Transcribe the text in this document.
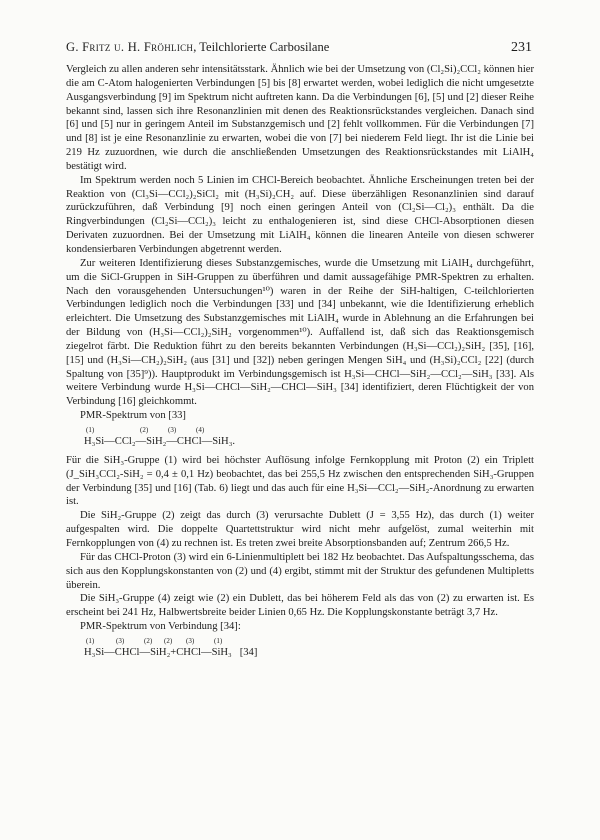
G. Fritz u. H. Fröhlich, Teilchlorierte Carbosilane	231

Vergleich zu allen anderen sehr intensitätsstark. Ähnlich wie bei der Umsetzung von (Cl₂Si)₂CCl₂ können hier die am C-Atom halogenierten Verbindungen [5] bis [8] erwartet werden, wobei lediglich die nicht umgesetzte Ausgangsverbindung [9] im Spektrum nicht auftreten kann. Da die Verbindungen [6], [5] und [2] dieser Reihe bekannt sind, lassen sich ihre Resonanzlinien mit denen des Reaktionsrückstandes vergleichen. Danach sind [6] und [5] nur in geringem Anteil im Substanzgemisch und [2] fehlt vollkommen. Für die Verbindungen [7] und [8] ist je eine Resonanzlinie zu erwarten, wobei die von [7] bei niederem Feld liegt. Ihr ist die Linie bei 219 Hz zuzuordnen, wie durch die anschließenden Umsetzungen des Reaktionsrückstandes mit LiAlH₄ bestätigt wird.

Im Spektrum werden noch 5 Linien im CHCl-Bereich beobachtet. Ähnliche Erscheinungen treten bei der Reaktion von (Cl₃Si—CCl₂)₂SiCl₂ mit (H₃Si)₂CH₂ auf. Diese überzähligen Resonanzlinien sind darauf zurückzuführen, daß Verbindung [9] noch einen geringen Anteil von (Cl₂Si—Cl₂)₃ enthält. Da die Ringverbindungen (Cl₂Si—CCl₂)₃ leicht zu enthalogenieren ist, sind diese CHCl-Absorptionen diesen Derivaten zuzuordnen. Bei der Umsetzung mit LiAlH₄ können die linearen Anteile von diesen schwerer kondensierbaren Verbindungen abgetrennt werden.

Zur weiteren Identifizierung dieses Substanzgemisches, wurde die Umsetzung mit LiAlH₄ durchgeführt, um die SiCl-Gruppen in SiH-Gruppen zu überführen und damit aussagefähige PMR-Spektren zu erhalten. Nach den vorausgehenden Untersuchungen¹⁰) waren in der Reihe der SiH-haltigen, C-teilchlorierten Verbindungen lediglich noch die Verbindungen [33] und [34] unbekannt, wie die Identifizierung erheblich erleichtert. Die Umsetzung des Substanzgemisches mit LiAlH₄ wurde in Ablehnung an die Erfahrungen bei der Bildung von (H₃Si—CCl₂)₂SiH₂ vorgenommen¹⁰). Auffallend ist, daß sich das Reaktionsgemisch ziegelrot färbt. Die Reduktion führt zu den bereits bekannten Verbindungen (H₃Si—CCl₂)₂SiH₂ [35], [16], [15] und (H₃Si—CH₂)₂SiH₂ (aus [31] und [32]) neben geringen Mengen SiH₄ und (H₃Si)₂CCl₂ [22] (durch Spaltung von [35]⁹)). Hauptprodukt im Verbindungsgemisch ist H₃Si—CHCl—SiH₂—CCl₂—SiH₃ [33]. Als weitere Verbindung wurde H₃Si—CHCl—SiH₂—CHCl—SiH₃ [34] identifiziert, deren Flüchtigkeit der von Verbindung [16] gleichkommt.

PMR-Spektrum von [33]

(1)	(2)	(3)	(4)
H₃Si—CCl₂—SiH₂—CHCl—SiH₃.

Für die SiH₃-Gruppe (1) wird bei höchster Auflösung infolge Fernkopplung mit Proton (2) ein Triplett (J_SiH₃CCl₂-SiH₂ = 0,4 ± 0,1 Hz) beobachtet, das bei 255,5 Hz zwischen den entsprechenden SiH₃-Gruppen der Verbindung [35] und [16] (Tab. 6) liegt und das auch für eine H₃Si—CCl₂—SiH₂-Anordnung zu erwarten ist.

Die SiH₂-Gruppe (2) zeigt das durch (3) verursachte Dublett (J = 3,55 Hz), das durch (1) weiter aufgespalten wird. Die doppelte Quartettstruktur wird nicht mehr aufgelöst, zumal weiterhin mit Fernkopplungen von (4) zu rechnen ist. Es treten zwei breite Absorptionsbanden auf; Zentrum 266,5 Hz.

Für das CHCl-Proton (3) wird ein 6-Linienmultiplett bei 182 Hz beobachtet. Das Aufspaltungsschema, das sich aus den Kopplungskonstanten von (2) und (4) ergibt, stimmt mit der Struktur des gefundenen Multipletts überein.

Die SiH₃-Gruppe (4) zeigt wie (2) ein Dublett, das bei höherem Feld als das von (2) zu erwarten ist. Es erscheint bei 241 Hz, Halbwertsbreite beider Linien 0,65 Hz. Die Kopplungskonstante beträgt 3,7 Hz.

PMR-Spektrum von Verbindung [34]:

(1)	(3)	(2) (2) (3)	(1)
H₃Si—CHCl—SiH₂+CHCl—SiH₃ [34]
